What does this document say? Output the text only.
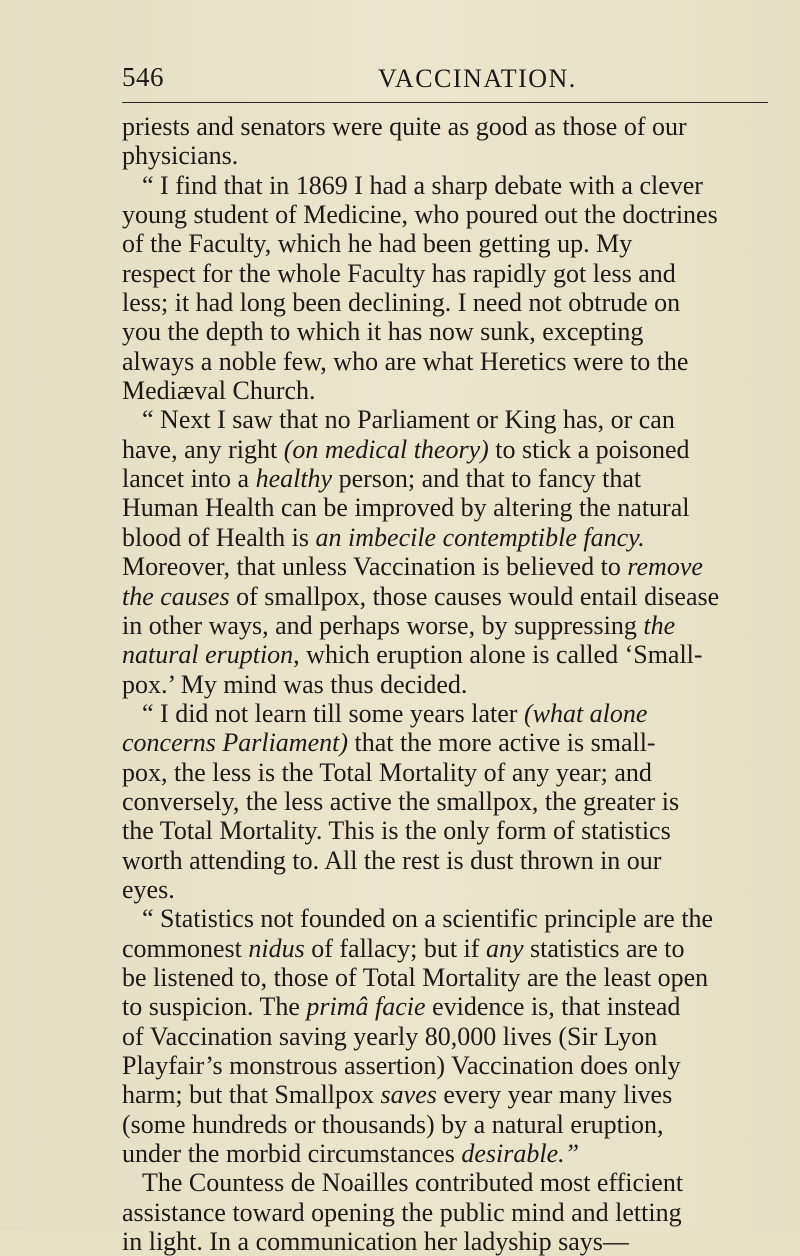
546	VACCINATION.
priests and senators were quite as good as those of our
physicians.
“ I find that in 1869 I had a sharp debate with a clever
young student of Medicine, who poured out the doctrines
of the Faculty, which he had been getting up. My
respect for the whole Faculty has rapidly got less and
less; it had long been declining. I need not obtrude on
you the depth to which it has now sunk, excepting
always a noble few, who are what Heretics were to the
Mediæval Church.
“ Next I saw that no Parliament or King has, or can
have, any right (on medical theory) to stick a poisoned
lancet into a healthy person; and that to fancy that
Human Health can be improved by altering the natural
blood of Health is an imbecile contemptible fancy.
Moreover, that unless Vaccination is believed to remove
the causes of smallpox, those causes would entail disease
in other ways, and perhaps worse, by suppressing the
natural eruption, which eruption alone is called ‘Small-
pox.’ My mind was thus decided.
“ I did not learn till some years later (what alone
concerns Parliament) that the more active is small-
pox, the less is the Total Mortality of any year; and
conversely, the less active the smallpox, the greater is
the Total Mortality. This is the only form of statistics
worth attending to. All the rest is dust thrown in our
eyes.
“ Statistics not founded on a scientific principle are the
commonest nidus of fallacy; but if any statistics are to
be listened to, those of Total Mortality are the least open
to suspicion. The primâ facie evidence is, that instead
of Vaccination saving yearly 80,000 lives (Sir Lyon
Playfair’s monstrous assertion) Vaccination does only
harm; but that Smallpox saves every year many lives
(some hundreds or thousands) by a natural eruption,
under the morbid circumstances desirable.”
The Countess de Noailles contributed most efficient
assistance toward opening the public mind and letting
in light. In a communication her ladyship says—
